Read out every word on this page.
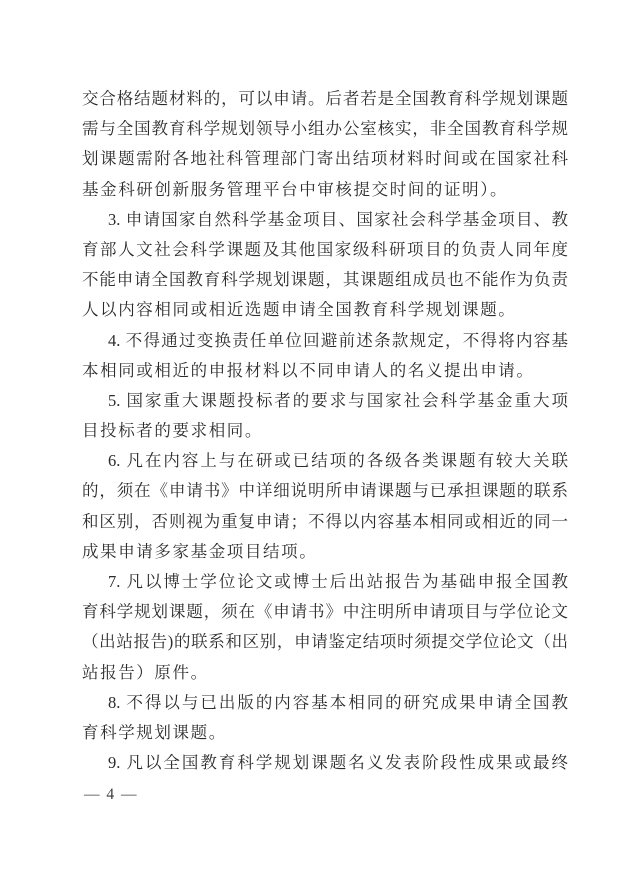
交合格结题材料的，可以申请。后者若是全国教育科学规划课题
需与全国教育科学规划领导小组办公室核实，非全国教育科学规
划课题需附各地社科管理部门寄出结项材料时间或在国家社科
基金科研创新服务管理平台中审核提交时间的证明）。
3. 申请国家自然科学基金项目、国家社会科学基金项目、教
育部人文社会科学课题及其他国家级科研项目的负责人同年度
不能申请全国教育科学规划课题，其课题组成员也不能作为负责
人以内容相同或相近选题申请全国教育科学规划课题。
4. 不得通过变换责任单位回避前述条款规定，不得将内容基
本相同或相近的申报材料以不同申请人的名义提出申请。
5. 国家重大课题投标者的要求与国家社会科学基金重大项
目投标者的要求相同。
6. 凡在内容上与在研或已结项的各级各类课题有较大关联
的，须在《申请书》中详细说明所申请课题与已承担课题的联系
和区别，否则视为重复申请；不得以内容基本相同或相近的同一
成果申请多家基金项目结项。
7. 凡以博士学位论文或博士后出站报告为基础申报全国教
育科学规划课题，须在《申请书》中注明所申请项目与学位论文
（出站报告)的联系和区别，申请鉴定结项时须提交学位论文（出
站报告）原件。
8. 不得以与已出版的内容基本相同的研究成果申请全国教
育科学规划课题。
9. 凡以全国教育科学规划课题名义发表阶段性成果或最终
— 4 —
